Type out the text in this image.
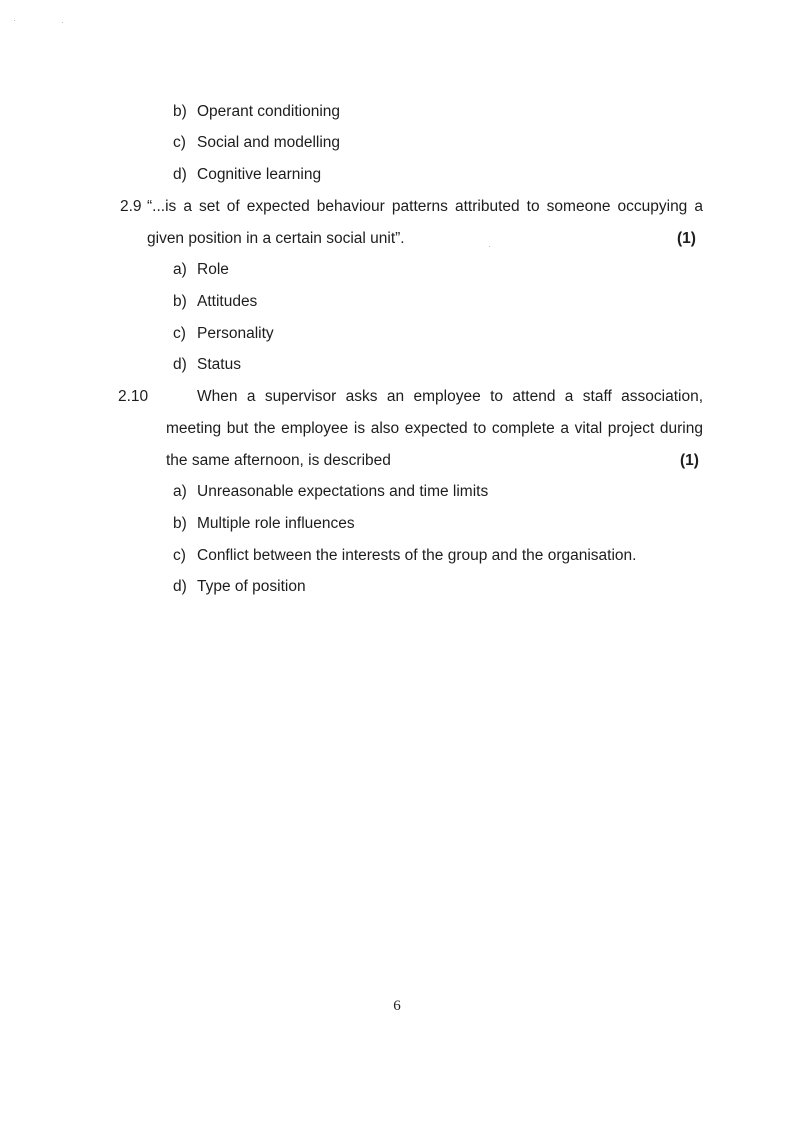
b) Operant conditioning
c) Social and modelling
d) Cognitive learning
2.9 “...is a set of expected behaviour patterns attributed to someone occupying a
given position in a certain social unit”.	(1)
a) Role
b) Attitudes
c) Personality
d) Status
2.10	When a supervisor asks an employee to attend a staff association,
meeting but the employee is also expected to complete a vital project during
the same afternoon, is described	(1)
a) Unreasonable expectations and time limits
b) Multiple role influences
c) Conflict between the interests of the group and the organisation.
d) Type of position
6
